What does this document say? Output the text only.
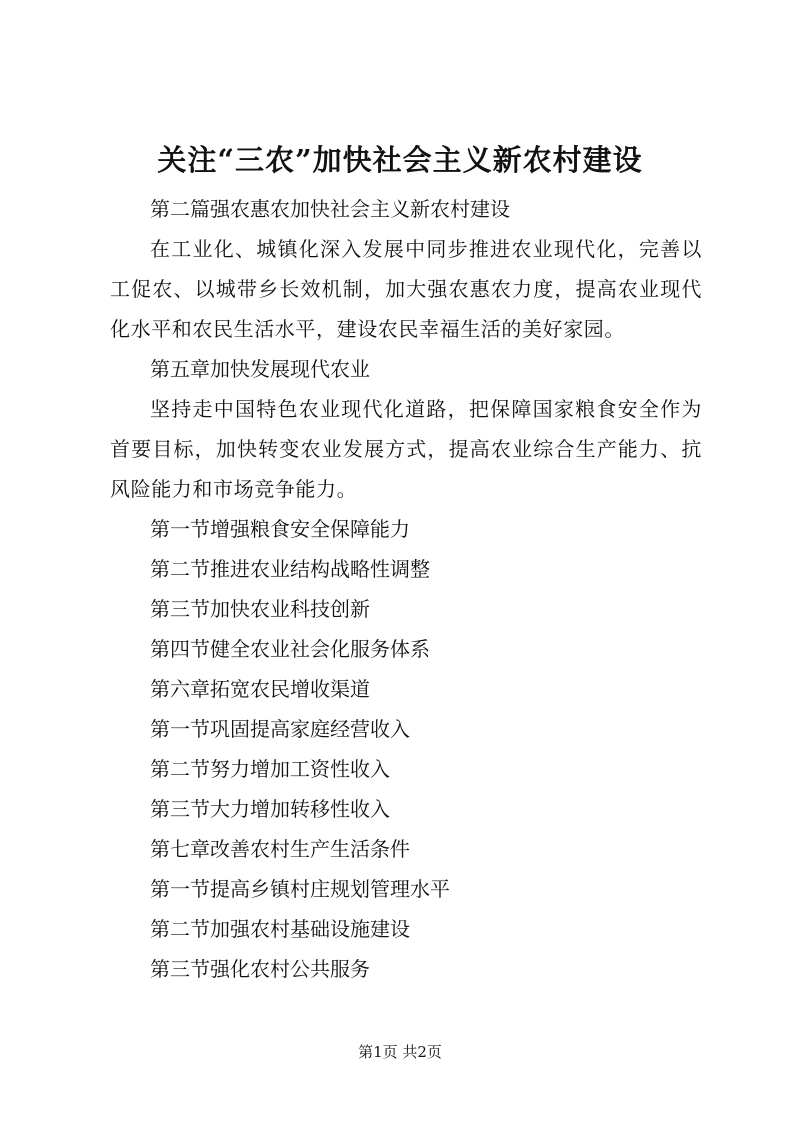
关注“三农”加快社会主义新农村建设

第二篇强农惠农加快社会主义新农村建设

在工业化、城镇化深入发展中同步推进农业现代化，完善以工促农、以城带乡长效机制，加大强农惠农力度，提高农业现代化水平和农民生活水平，建设农民幸福生活的美好家园。

第五章加快发展现代农业

坚持走中国特色农业现代化道路，把保障国家粮食安全作为首要目标，加快转变农业发展方式，提高农业综合生产能力、抗风险能力和市场竞争能力。

第一节增强粮食安全保障能力

第二节推进农业结构战略性调整

第三节加快农业科技创新

第四节健全农业社会化服务体系

第六章拓宽农民增收渠道

第一节巩固提高家庭经营收入

第二节努力增加工资性收入

第三节大力增加转移性收入

第七章改善农村生产生活条件

第一节提高乡镇村庄规划管理水平

第二节加强农村基础设施建设

第三节强化农村公共服务

第1页 共2页
